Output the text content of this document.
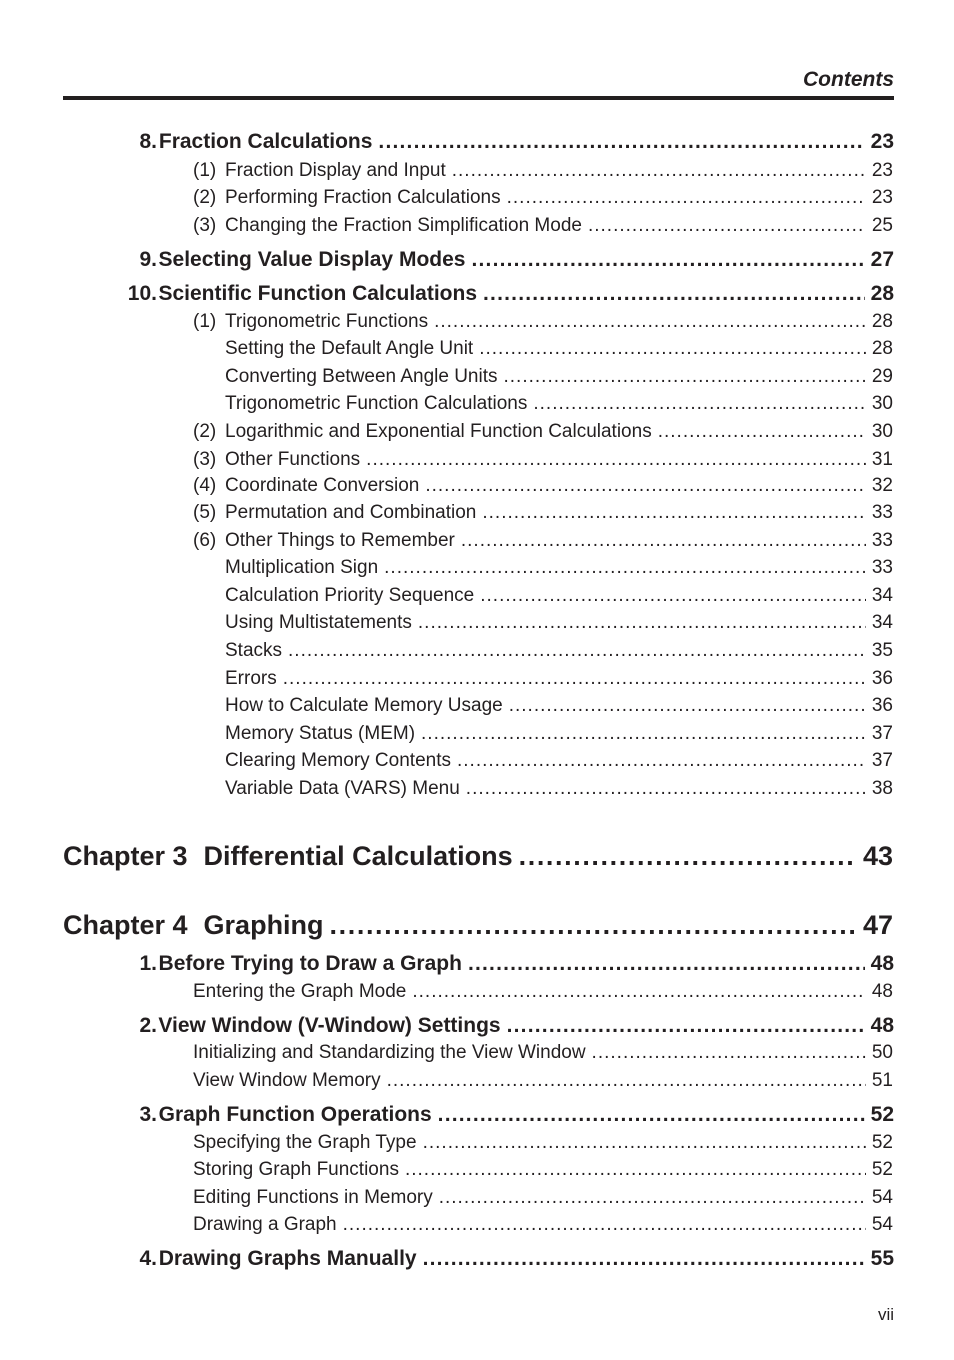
Contents
8. Fraction Calculations .....	23
(1) Fraction Display and Input .....	23
(2) Performing Fraction Calculations .....	23
(3) Changing the Fraction Simplification Mode .....	25
9. Selecting Value Display Modes .....	27
10. Scientific Function Calculations .....	28
(1) Trigonometric Functions .....	28
Setting the Default Angle Unit .....	28
Converting Between Angle Units .....	29
Trigonometric Function Calculations .....	30
(2) Logarithmic and Exponential Function Calculations .....	30
(3) Other Functions .....	31
(4) Coordinate Conversion .....	32
(5) Permutation and Combination .....	33
(6) Other Things to Remember .....	33
Multiplication Sign .....	33
Calculation Priority Sequence .....	34
Using Multistatements .....	34
Stacks .....	35
Errors .....	36
How to Calculate Memory Usage .....	36
Memory Status (MEM) .....	37
Clearing Memory Contents .....	37
Variable Data (VARS) Menu .....	38
Chapter 3 Differential Calculations .....	43
Chapter 4 Graphing .....	47
1. Before Trying to Draw a Graph .....	48
Entering the Graph Mode .....	48
2. View Window (V-Window) Settings .....	48
Initializing and Standardizing the View Window .....	50
View Window Memory .....	51
3. Graph Function Operations .....	52
Specifying the Graph Type .....	52
Storing Graph Functions .....	52
Editing Functions in Memory .....	54
Drawing a Graph .....	54
4. Drawing Graphs Manually .....	55
vii
